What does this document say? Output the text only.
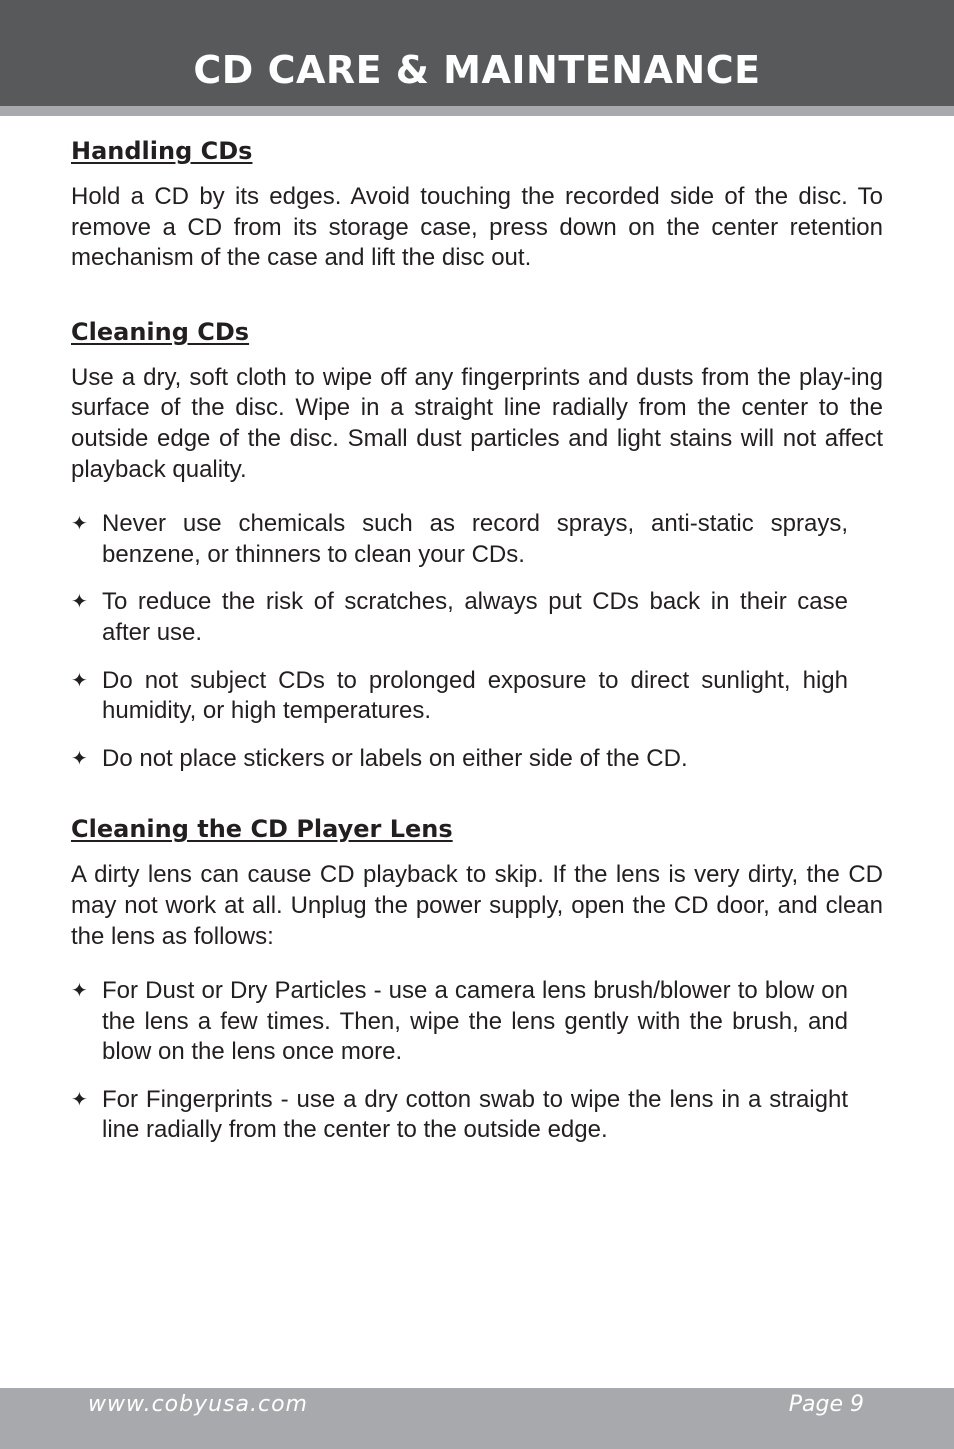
CD CARE & MAINTENANCE
Handling CDs

Hold a CD by its edges. Avoid touching the recorded side of the disc. To remove a CD from its storage case, press down on the center retention mechanism of the case and lift the disc out.

Cleaning CDs

Use a dry, soft cloth to wipe off any fingerprints and dusts from the play-ing surface of the disc. Wipe in a straight line radially from the center to the outside edge of the disc. Small dust particles and light stains will not affect playback quality.

✦ Never use chemicals such as record sprays, anti-static sprays, benzene, or thinners to clean your CDs.
✦ To reduce the risk of scratches, always put CDs back in their case after use.
✦ Do not subject CDs to prolonged exposure to direct sunlight, high humidity, or high temperatures.
✦ Do not place stickers or labels on either side of the CD.
Cleaning the CD Player Lens

A dirty lens can cause CD playback to skip. If the lens is very dirty, the CD may not work at all. Unplug the power supply, open the CD door, and clean the lens as follows:

✦ For Dust or Dry Particles - use a camera lens brush/blower to blow on the lens a few times. Then, wipe the lens gently with the brush, and blow on the lens once more.
✦ For Fingerprints - use a dry cotton swab to wipe the lens in a straight line radially from the center to the outside edge.
www.cobyusa.com	Page 9
